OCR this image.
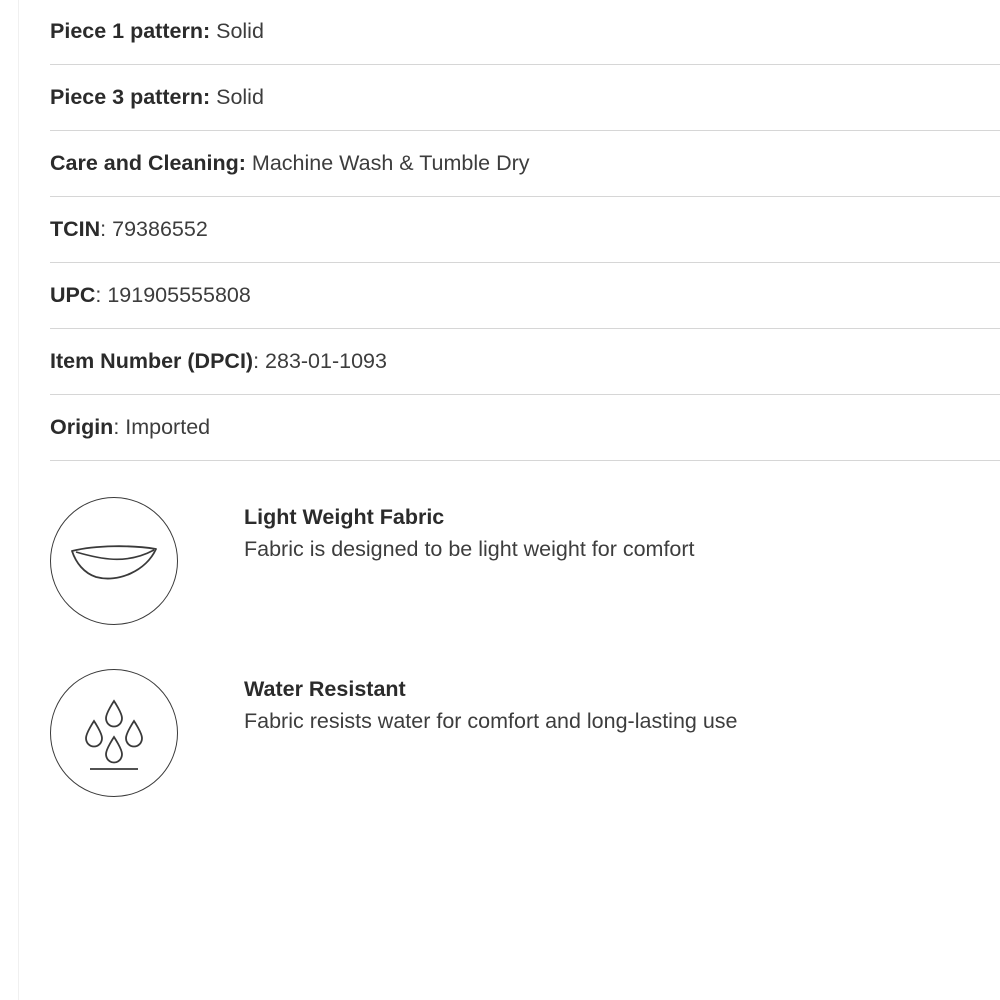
Piece 1 pattern: Solid
Piece 3 pattern: Solid
Care and Cleaning: Machine Wash & Tumble Dry
TCIN: 79386552
UPC: 191905555808
Item Number (DPCI): 283-01-1093
Origin: Imported
Light Weight Fabric
Fabric is designed to be light weight for comfort
Water Resistant
Fabric resists water for comfort and long-lasting use
